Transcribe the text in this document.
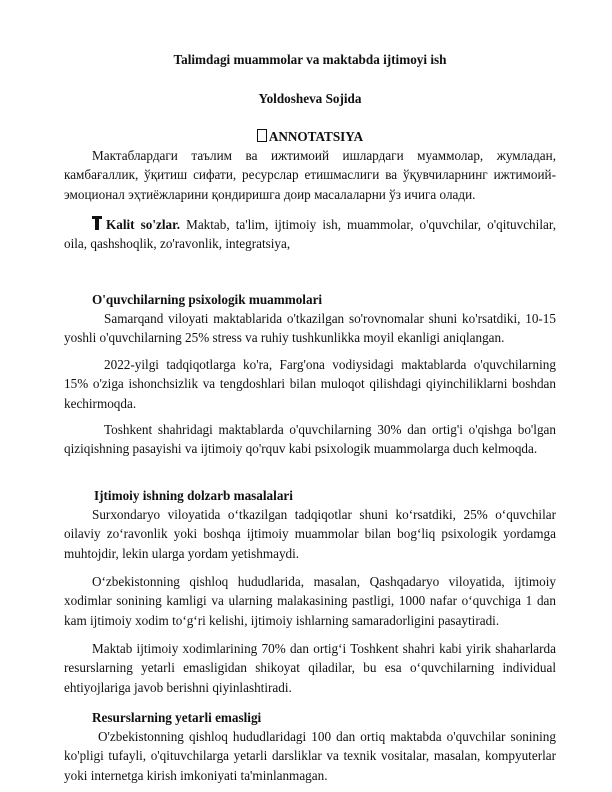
Talimdagi muammolar va maktabda ijtimoyi ish
Yoldosheva Sojida
ANNOTATSIYA
Мактаблардаги таълим ва ижтимоий ишлардаги муаммолар, жумладан, камбағаллик, ўқитиш сифати, ресурслар етишмаслиги ва ўқувчиларнинг ижтимоий-эмоционал эҳтиёжларини қондиришга доир масалаларни ўз ичига олади.
Kalit so'zlar. Maktab, ta'lim, ijtimoiy ish, muammolar, o'quvchilar, o'qituvchilar, oila, qashshoqlik, zo'ravonlik, integratsiya,
O'quvchilarning psixologik muammolari
Samarqand viloyati maktablarida o'tkazilgan so'rovnomalar shuni ko'rsatdiki, 10-15 yoshli o'quvchilarning 25% stress va ruhiy tushkunlikka moyil ekanligi aniqlangan.
2022-yilgi tadqiqotlarga ko'ra, Farg'ona vodiysidagi maktablarda o'quvchilarning 15% o'ziga ishonchsizlik va tengdoshlari bilan muloqot qilishdagi qiyinchiliklarni boshdan kechirmoqda.
Toshkent shahridagi maktablarda o'quvchilarning 30% dan ortig'i o'qishga bo'lgan qiziqishning pasayishi va ijtimoiy qo'rquv kabi psixologik muammolarga duch kelmoqda.
Ijtimoiy ishning dolzarb masalalari
Surxondaryo viloyatida o‘tkazilgan tadqiqotlar shuni ko‘rsatdiki, 25% o‘quvchilar oilaviy zo‘ravonlik yoki boshqa ijtimoiy muammolar bilan bog‘liq psixologik yordamga muhtojdir, lekin ularga yordam yetishmaydi.
O‘zbekistonning qishloq hududlarida, masalan, Qashqadaryo viloyatida, ijtimoiy xodimlar sonining kamligi va ularning malakasining pastligi, 1000 nafar o‘quvchiga 1 dan kam ijtimoiy xodim to‘g‘ri kelishi, ijtimoiy ishlarning samaradorligini pasaytiradi.
Maktab ijtimoiy xodimlarining 70% dan ortig‘i Toshkent shahri kabi yirik shaharlarda resurslarning yetarli emasligidan shikoyat qiladilar, bu esa o‘quvchilarning individual ehtiyojlariga javob berishni qiyinlashtiradi.
Resurslarning yetarli emasligi
O'zbekistonning qishloq hududlaridagi 100 dan ortiq maktabda o'quvchilar sonining ko'pligi tufayli, o'qituvchilarga yetarli darsliklar va texnik vositalar, masalan, kompyuterlar yoki internetga kirish imkoniyati ta'minlanmagan.
